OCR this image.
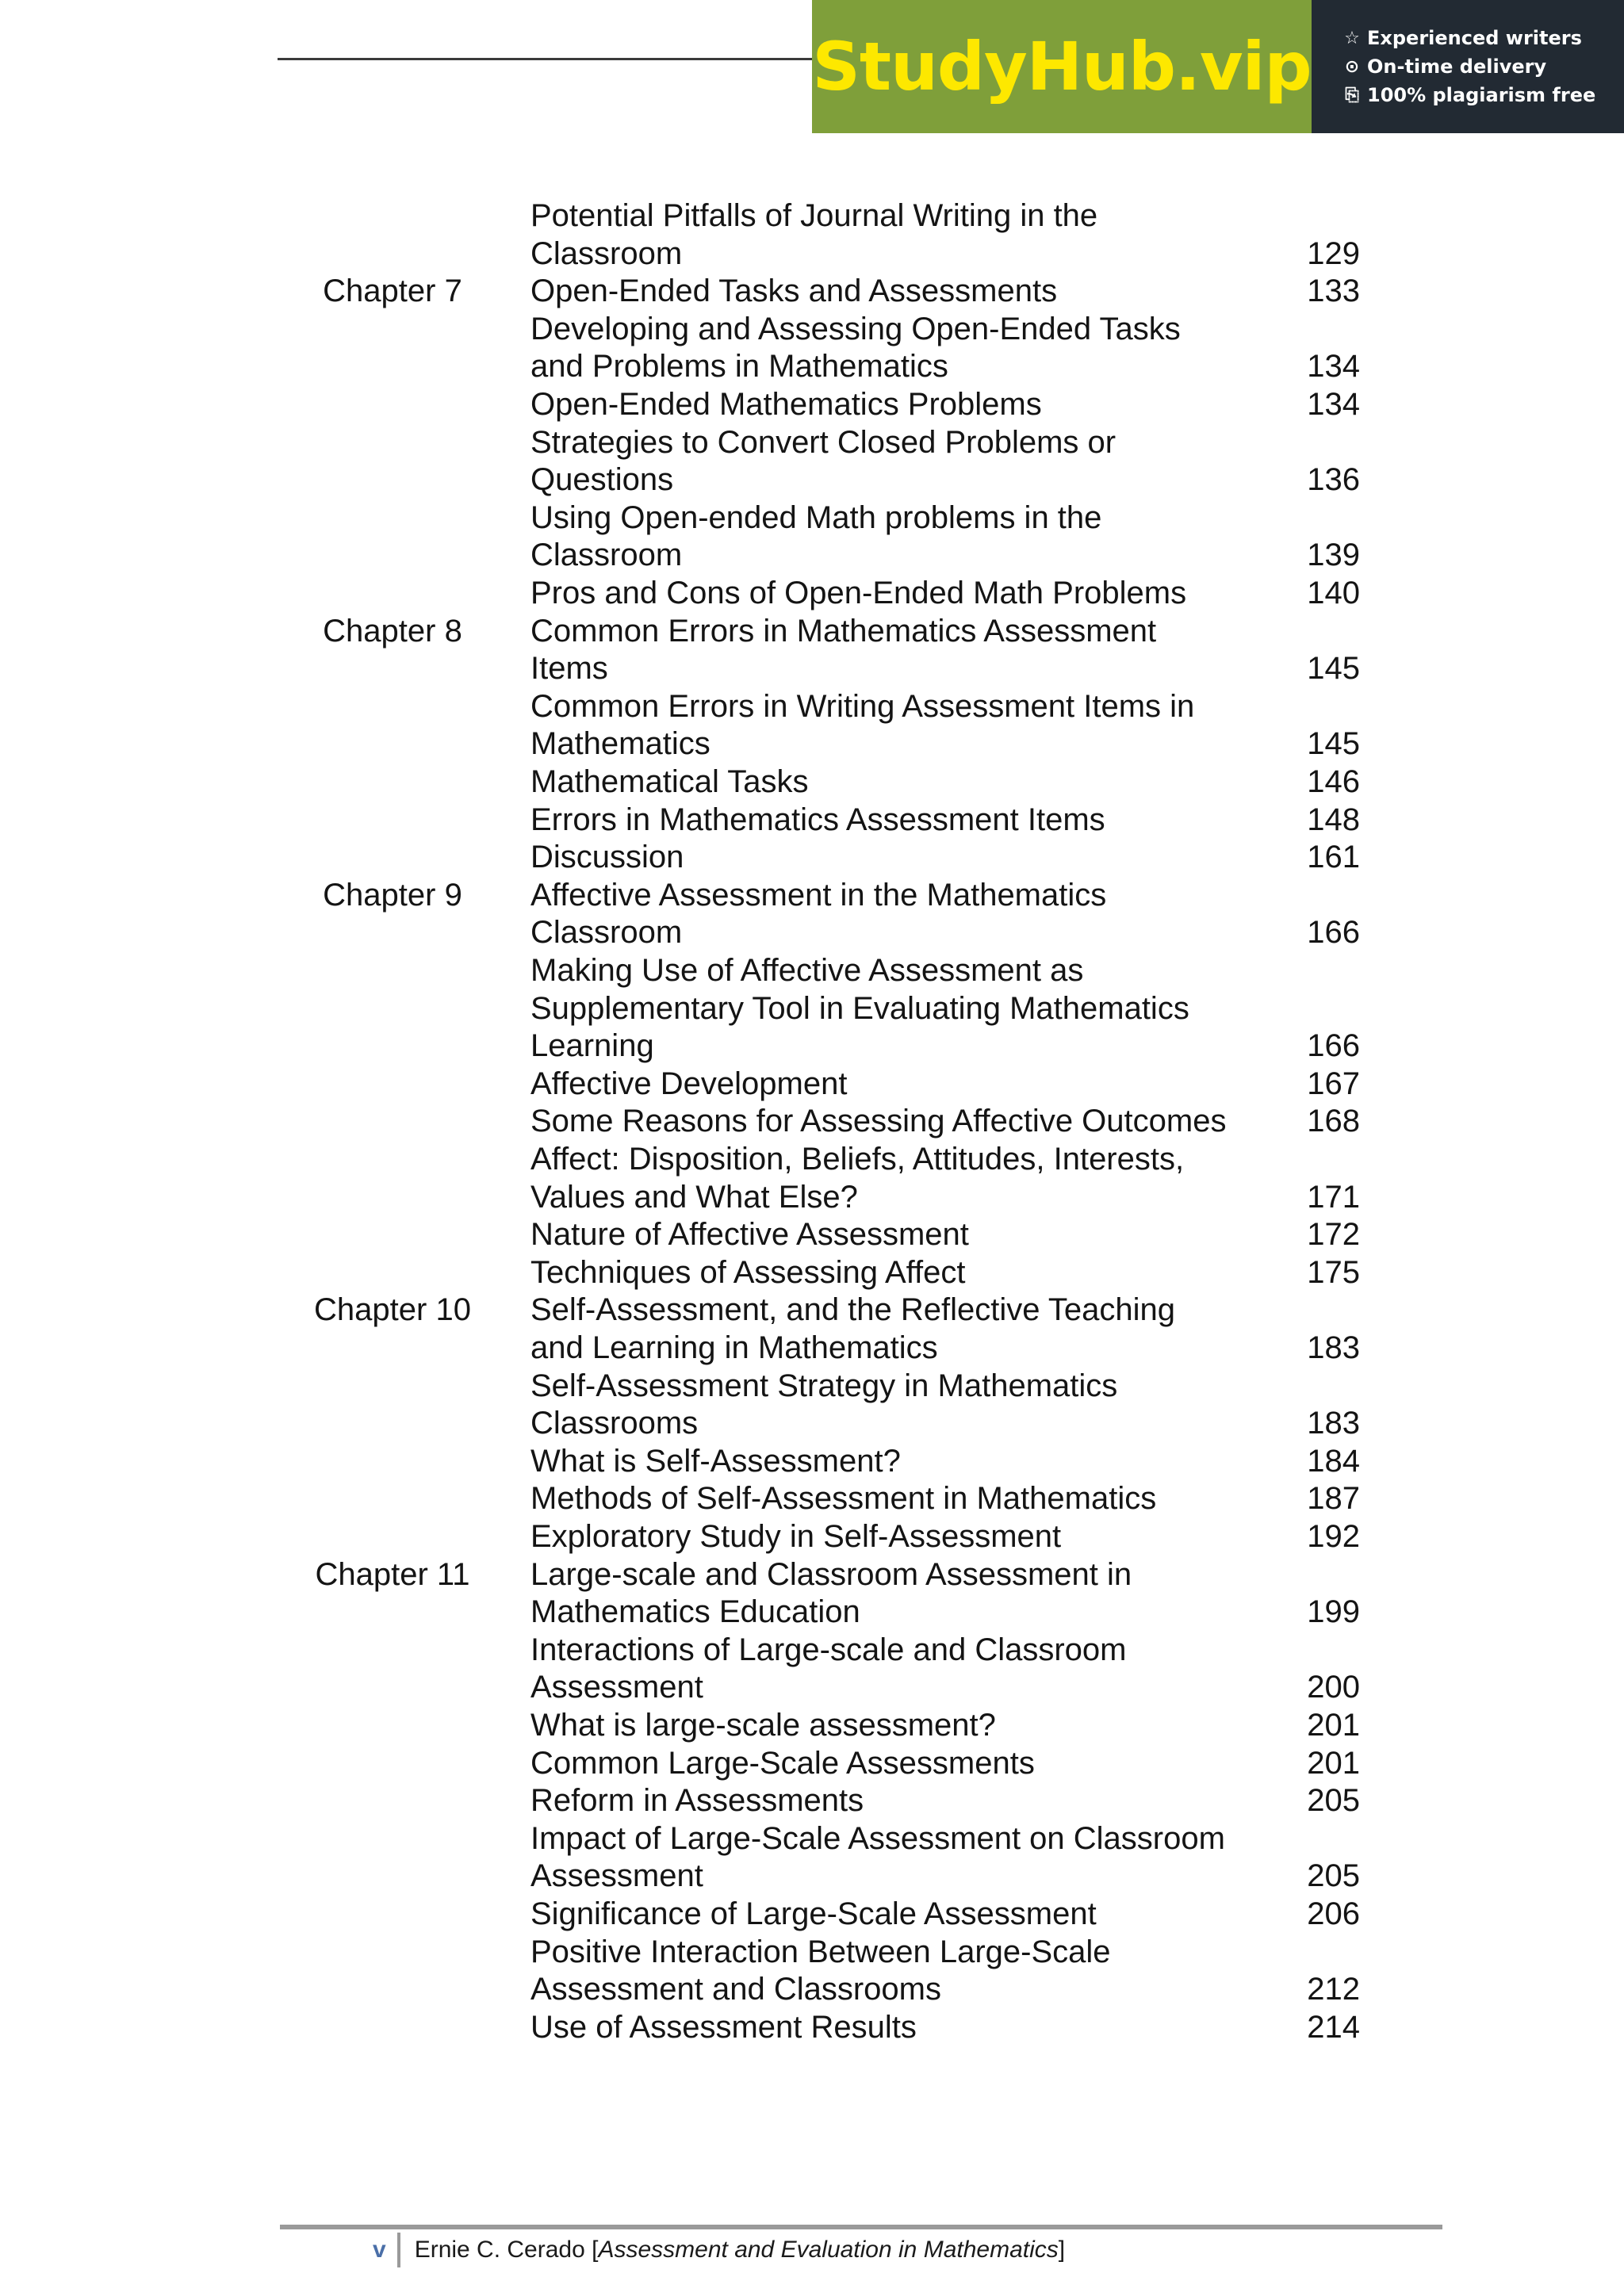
StudyHub.vip ☆ Experienced writers
⊙ On-time delivery
⎘ 100% plagiarism free
Potential Pitfalls of Journal Writing in the
Classroom
Open-Ended Tasks and Assessments
Developing and Assessing Open-Ended Tasks
and Problems in Mathematics
Open-Ended Mathematics Problems
Strategies to Convert Closed Problems or
Questions
Using Open-ended Math problems in the
Classroom
Pros and Cons of Open-Ended Math Problems
Common Errors in Mathematics Assessment
Items
Common Errors in Writing Assessment Items in
Mathematics
Mathematical Tasks
Errors in Mathematics Assessment Items
Discussion
Affective Assessment in the Mathematics
Classroom
Making Use of Affective Assessment as
Supplementary Tool in Evaluating Mathematics
Learning
Affective Development
Some Reasons for Assessing Affective Outcomes
Affect: Disposition, Beliefs, Attitudes, Interests,
Values and What Else?
Nature of Affective Assessment
Techniques of Assessing Affect
Self-Assessment, and the Reflective Teaching
and Learning in Mathematics
Self-Assessment Strategy in Mathematics
Classrooms
What is Self-Assessment?
Methods of Self-Assessment in Mathematics
Exploratory Study in Self-Assessment
Large-scale and Classroom Assessment in
Mathematics Education
Interactions of Large-scale and Classroom
Assessment
What is large-scale assessment?
Common Large-Scale Assessments
Reform in Assessments
Impact of Large-Scale Assessment on Classroom
Assessment
Significance of Large-Scale Assessment
Positive Interaction Between Large-Scale
Assessment and Classrooms
Use of Assessment Results
Chapter 7
Chapter 8
Chapter 9
Chapter 10
Chapter 11
129
133
134
134
136
139
140
145
145
146
148
161
166
166
167
168
171
172
175
183
183
184
187
192
199
200
201
201
205
205
206
212
214
v	Ernie C. Cerado [Assessment and Evaluation in Mathematics]
